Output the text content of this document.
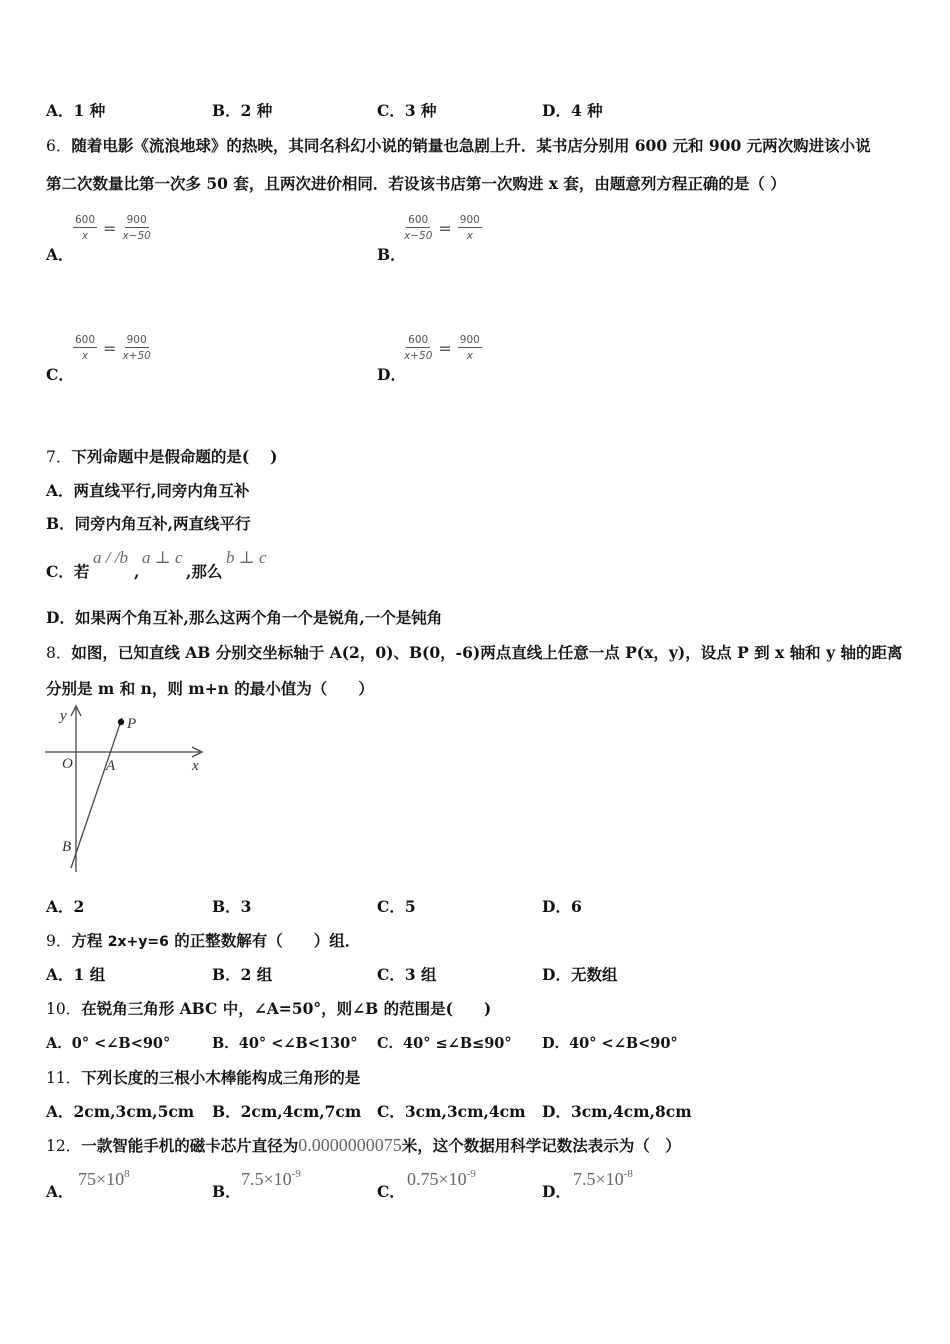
A．1 种	B．2 种	C．3 种	D．4 种
6．随着电影《流浪地球》的热映，其同名科幻小说的销量也急剧上升．某书店分别用 600 元和 900 元两次购进该小说
第二次数量比第一次多 50 套，且两次进价相同．若设该书店第一次购进 x 套，由题意列方程正确的是（ ）
$\frac{600}{x} = \frac{900}{x-50}$
A．
$\frac{600}{x-50} = \frac{900}{x}$
B．
$\frac{600}{x} = \frac{900}{x+50}$
C．
$\frac{600}{x+50} = \frac{900}{x}$
D．
7．下列命题中是假命题的是(　 )
A．两直线平行,同旁内角互补
B．同旁内角互补,两直线平行
C．若
a / /b
,
a ⊥ c
,那么
b ⊥ c
D．如果两个角互补,那么这两个角一个是锐角,一个是钝角
8．如图，已知直线 AB 分别交坐标轴于 A(2，0)、B(0，-6)两点直线上任意一点 P(x，y)，设点 P 到 x 轴和 y 轴的距离
分别是 m 和 n，则 m+n 的最小值为（　　）
y
x
O A
B
P
A．2	B．3	C．5	D．6
9．方程 2x+y=6 的正整数解有（　　）组．
A．1 组	B．2 组	C．3 组	D．无数组
10．在锐角三角形 ABC 中，∠A=50°，则∠B 的范围是(　　)
A．0° <∠B<90°	B．40° <∠B<130° C．40° ≤∠B≤90° D．40° <∠B<90°
11．下列长度的三根小木棒能构成三角形的是
A．2cm,3cm,5cm B．2cm,4cm,7cm C．3cm,3cm,4cm D．3cm,4cm,8cm
12．一款智能手机的磁卡芯片直径为0.0000000075米，这个数据用科学记数法表示为（　）
A．
$75\times 10^8$
B．
$7.5\times 10^{-9}$
C．
$0.75\times 10^{-9}$
D．
$7.5\times 10^{-8}$
